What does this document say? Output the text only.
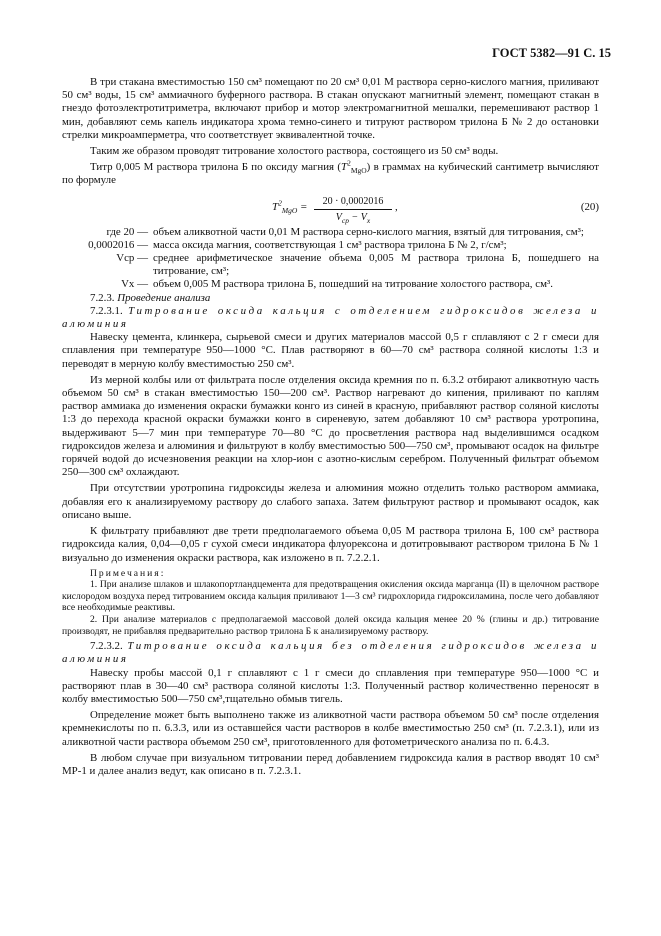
ГОСТ 5382—91 С. 15

В три стакана вместимостью 150 см³ помещают по 20 см³ 0,01 М раствора серно-кислого магния, приливают 50 см³ воды, 15 см³ аммиачного буферного раствора. В стакан опускают магнитный элемент, помещают стакан в гнездо фотоэлектротитриметра, включают прибор и мотор электромагнитной мешалки, перемешивают раствор 1 мин, добавляют семь капель индикатора хрома темно-синего и титруют раствором трилона Б № 2 до остановки стрелки микроамперметра, что соответствует эквивалентной точке.

Таким же образом проводят титрование холостого раствора, состоящего из 50 см³ воды.

Титр 0,005 М раствора трилона Б по оксиду магния $(T^2_{MgO})$ в граммах на кубический сантиметр вычисляют по формуле

$T^2_{MgO}$ =	20 · 0,0002016
$V_{ср} - V_х$
,	(20)
где 20 — объем аликвотной части 0,01 М раствора серно-кислого магния, взятый для титрования, см³;
0,0002016 — масса оксида магния, соответствующая 1 см³ раствора трилона Б № 2, г/см³;
Vср — среднее арифметическое значение объема 0,005 М раствора трилона Б, пошедшего на титрование, см³;
Vх — объем 0,005 М раствора трилона Б, пошедший на титрование холостого раствора, см³.

7.2.3. Проведение анализа

7.2.3.1. Титрование оксида кальция с отделением гидроксидов железа и алюминия

Навеску цемента, клинкера, сырьевой смеси и других материалов массой 0,5 г сплавляют с 2 г смеси для сплавления при температуре 950—1000 °С. Плав растворяют в 60—70 см³ раствора соляной кислоты 1:3 и переводят в мерную колбу вместимостью 250 см³.

Из мерной колбы или от фильтрата после отделения оксида кремния по п. 6.3.2 отбирают аликвотную часть объемом 50 см³ в стакан вместимостью 150—200 см³. Раствор нагревают до кипения, приливают по каплям раствор аммиака до изменения окраски бумажки конго из синей в красную, прибавляют раствор соляной кислоты 1:3 до перехода красной окраски бумажки конго в сиреневую, затем добавляют 10 см³ раствора уротропина, выдерживают 5—7 мин при температуре 70—80 °С до просветления раствора над выделившимся осадком гидроксидов железа и алюминия и фильтруют в колбу вместимостью 500—750 см³, промывают осадок на фильтре горячей водой до исчезновения реакции на хлор-ион с азотно-кислым серебром. Полученный фильтрат объемом 250—300 см³ охлаждают.

При отсутствии уротропина гидроксиды железа и алюминия можно отделить только раствором аммиака, добавляя его к анализируемому раствору до слабого запаха. Затем фильтруют раствор и промывают осадок, как описано выше.

К фильтрату прибавляют две трети предполагаемого объема 0,05 М раствора трилона Б, 100 см³ раствора гидроксида калия, 0,04—0,05 г сухой смеси индикатора флуорексона и дотитровывают раствором трилона Б № 1 визуально до изменения окраски раствора, как изложено в п. 7.2.2.1.

Примечания:

1. При анализе шлаков и шлакопортландцемента для предотвращения окисления оксида марганца (II) в щелочном растворе кислородом воздуха перед титрованием оксида кальция приливают 1—3 см³ гидрохлорида гидроксиламина, после чего добавляют все необходимые реактивы.

2. При анализе материалов с предполагаемой массовой долей оксида кальция менее 20 % (глины и др.) титрование производят, не прибавляя предварительно раствор трилона Б к анализируемому раствору.

7.2.3.2. Титрование оксида кальция без отделения гидроксидов железа и алюминия

Навеску пробы массой 0,1 г сплавляют с 1 г смеси до сплавления при температуре 950—1000 °С и растворяют плав в 30—40 см³ раствора соляной кислоты 1:3. Полученный раствор количественно переносят в колбу вместимостью 500—750 см³,тщательно обмыв тигель.

Определение может быть выполнено также из аликвотной части раствора объемом 50 см³ после отделения кремнекислоты по п. 6.3.3, или из оставшейся части растворов в колбе вместимостью 250 см³ (п. 7.2.3.1), или из аликвотной части раствора объемом 250 см³, приготовленного для фотометрического анализа по п. 6.4.3.

В любом случае при визуальном титровании перед добавлением гидроксида калия в раствор вводят 10 см³ МР-1 и далее анализ ведут, как описано в п. 7.2.3.1.
